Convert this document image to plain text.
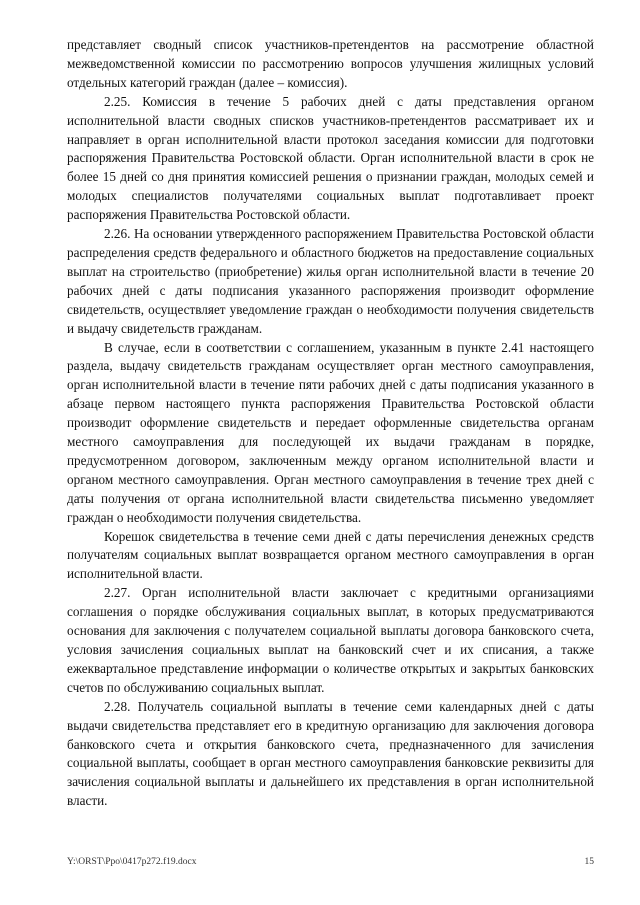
представляет сводный список участников-претендентов на рассмотрение областной межведомственной комиссии по рассмотрению вопросов улучшения жилищных условий отдельных категорий граждан (далее – комиссия).

2.25. Комиссия в течение 5 рабочих дней с даты представления органом исполнительной власти сводных списков участников-претендентов рассматривает их и направляет в орган исполнительной власти протокол заседания комиссии для подготовки распоряжения Правительства Ростовской области. Орган исполнительной власти в срок не более 15 дней со дня принятия комиссией решения о признании граждан, молодых семей и молодых специалистов получателями социальных выплат подготавливает проект распоряжения Правительства Ростовской области.

2.26. На основании утвержденного распоряжением Правительства Ростовской области распределения средств федерального и областного бюджетов на предоставление социальных выплат на строительство (приобретение) жилья орган исполнительной власти в течение 20 рабочих дней с даты подписания указанного распоряжения производит оформление свидетельств, осуществляет уведомление граждан о необходимости получения свидетельств и выдачу свидетельств гражданам.

В случае, если в соответствии с соглашением, указанным в пункте 2.41 настоящего раздела, выдачу свидетельств гражданам осуществляет орган местного самоуправления, орган исполнительной власти в течение пяти рабочих дней с даты подписания указанного в абзаце первом настоящего пункта распоряжения Правительства Ростовской области производит оформление свидетельств и передает оформленные свидетельства органам местного самоуправления для последующей их выдачи гражданам в порядке, предусмотренном договором, заключенным между органом исполнительной власти и органом местного самоуправления. Орган местного самоуправления в течение трех дней с даты получения от органа исполнительной власти свидетельства письменно уведомляет граждан о необходимости получения свидетельства.

Корешок свидетельства в течение семи дней с даты перечисления денежных средств получателям социальных выплат возвращается органом местного самоуправления в орган исполнительной власти.

2.27. Орган исполнительной власти заключает с кредитными организациями соглашения о порядке обслуживания социальных выплат, в которых предусматриваются основания для заключения с получателем социальной выплаты договора банковского счета, условия зачисления социальных выплат на банковский счет и их списания, а также ежеквартальное представление информации о количестве открытых и закрытых банковских счетов по обслуживанию социальных выплат.

2.28. Получатель социальной выплаты в течение семи календарных дней с даты выдачи свидетельства представляет его в кредитную организацию для заключения договора банковского счета и открытия банковского счета, предназначенного для зачисления социальной выплаты, сообщает в орган местного самоуправления банковские реквизиты для зачисления социальной выплаты и дальнейшего их представления в орган исполнительной власти.

Y:\ORST\Ppo\0417p272.f19.docx	15
